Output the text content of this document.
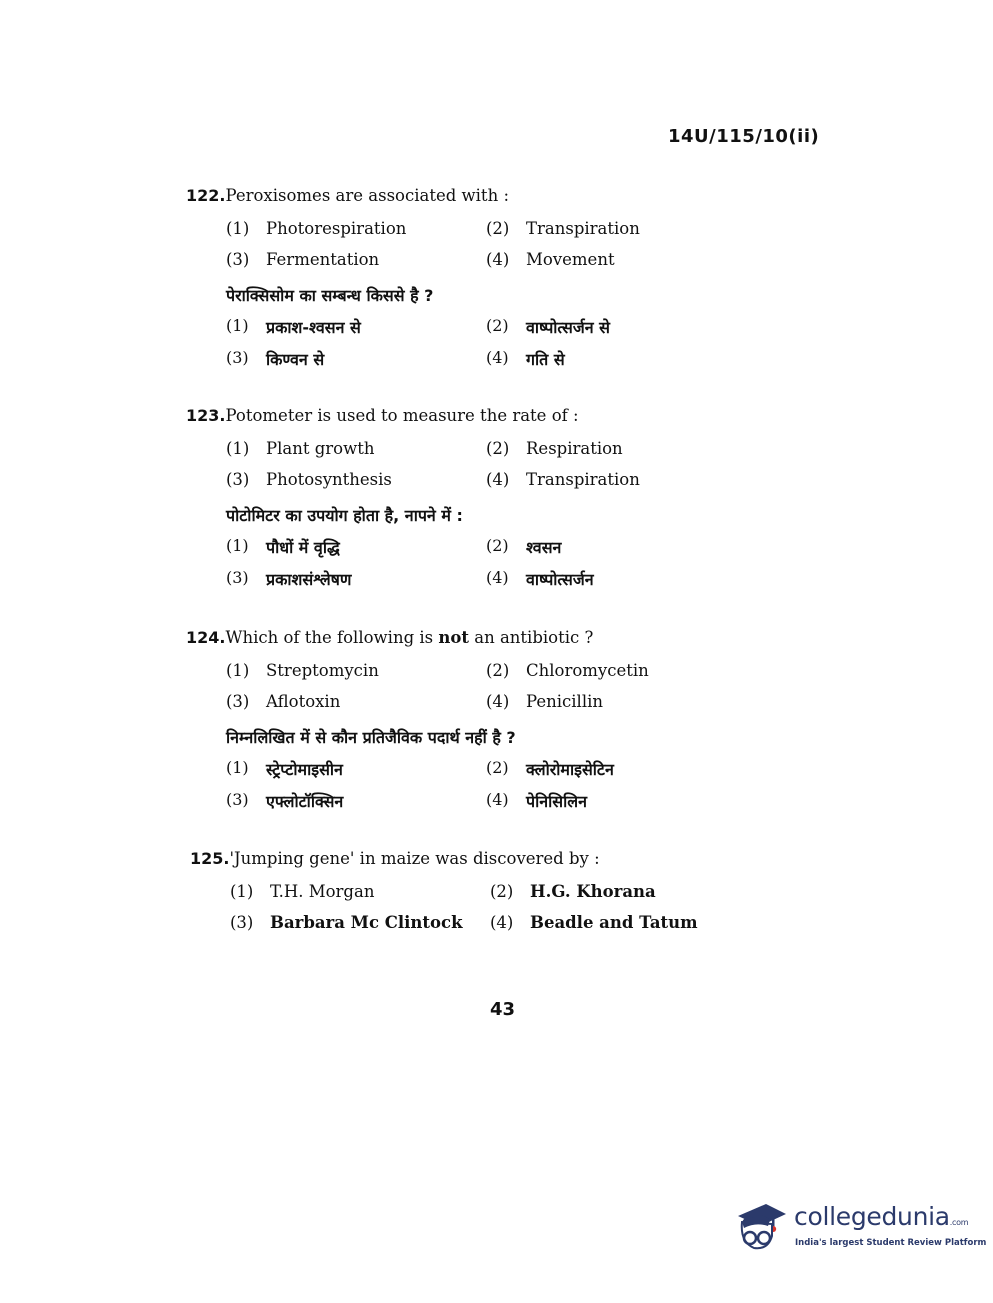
14U/115/10(ii)
122.Peroxisomes are associated with :
(1)	Photorespiration	(2)	Transpiration
(3)	Fermentation	(4)	Movement
पेराक्सिसोम का सम्बन्ध किससे है ?
(1)	प्रकाश-श्वसन से	(2)	वाष्पोत्सर्जन से
(3)	किण्वन से	(4)	गति से
123.Potometer is used to measure the rate of :
(1)	Plant growth	(2)	Respiration
(3)	Photosynthesis	(4)	Transpiration
पोटोमिटर का उपयोग होता है, नापने में :
(1)	पौधों में वृद्धि	(2)	श्वसन
(3)	प्रकाशसंश्लेषण	(4)	वाष्पोत्सर्जन
124.Which of the following is not an antibiotic ?
(1)	Streptomycin	(2)	Chloromycetin
(3)	Aflotoxin	(4)	Penicillin
निम्नलिखित में से कौन प्रतिजैविक पदार्थ नहीं है ?
(1)	स्ट्रेप्टोमाइसीन	(2)	क्लोरोमाइसेटिन
(3)	एफ्लोटॉक्सिन	(4)	पेनिसिलिन
125.'Jumping gene' in maize was discovered by :
(1)	T.H. Morgan	(2)	H.G. Khorana
(3)	Barbara Mc Clintock (4)	Beadle and Tatum
43
collegedunia.com
India's largest Student Review Platform
